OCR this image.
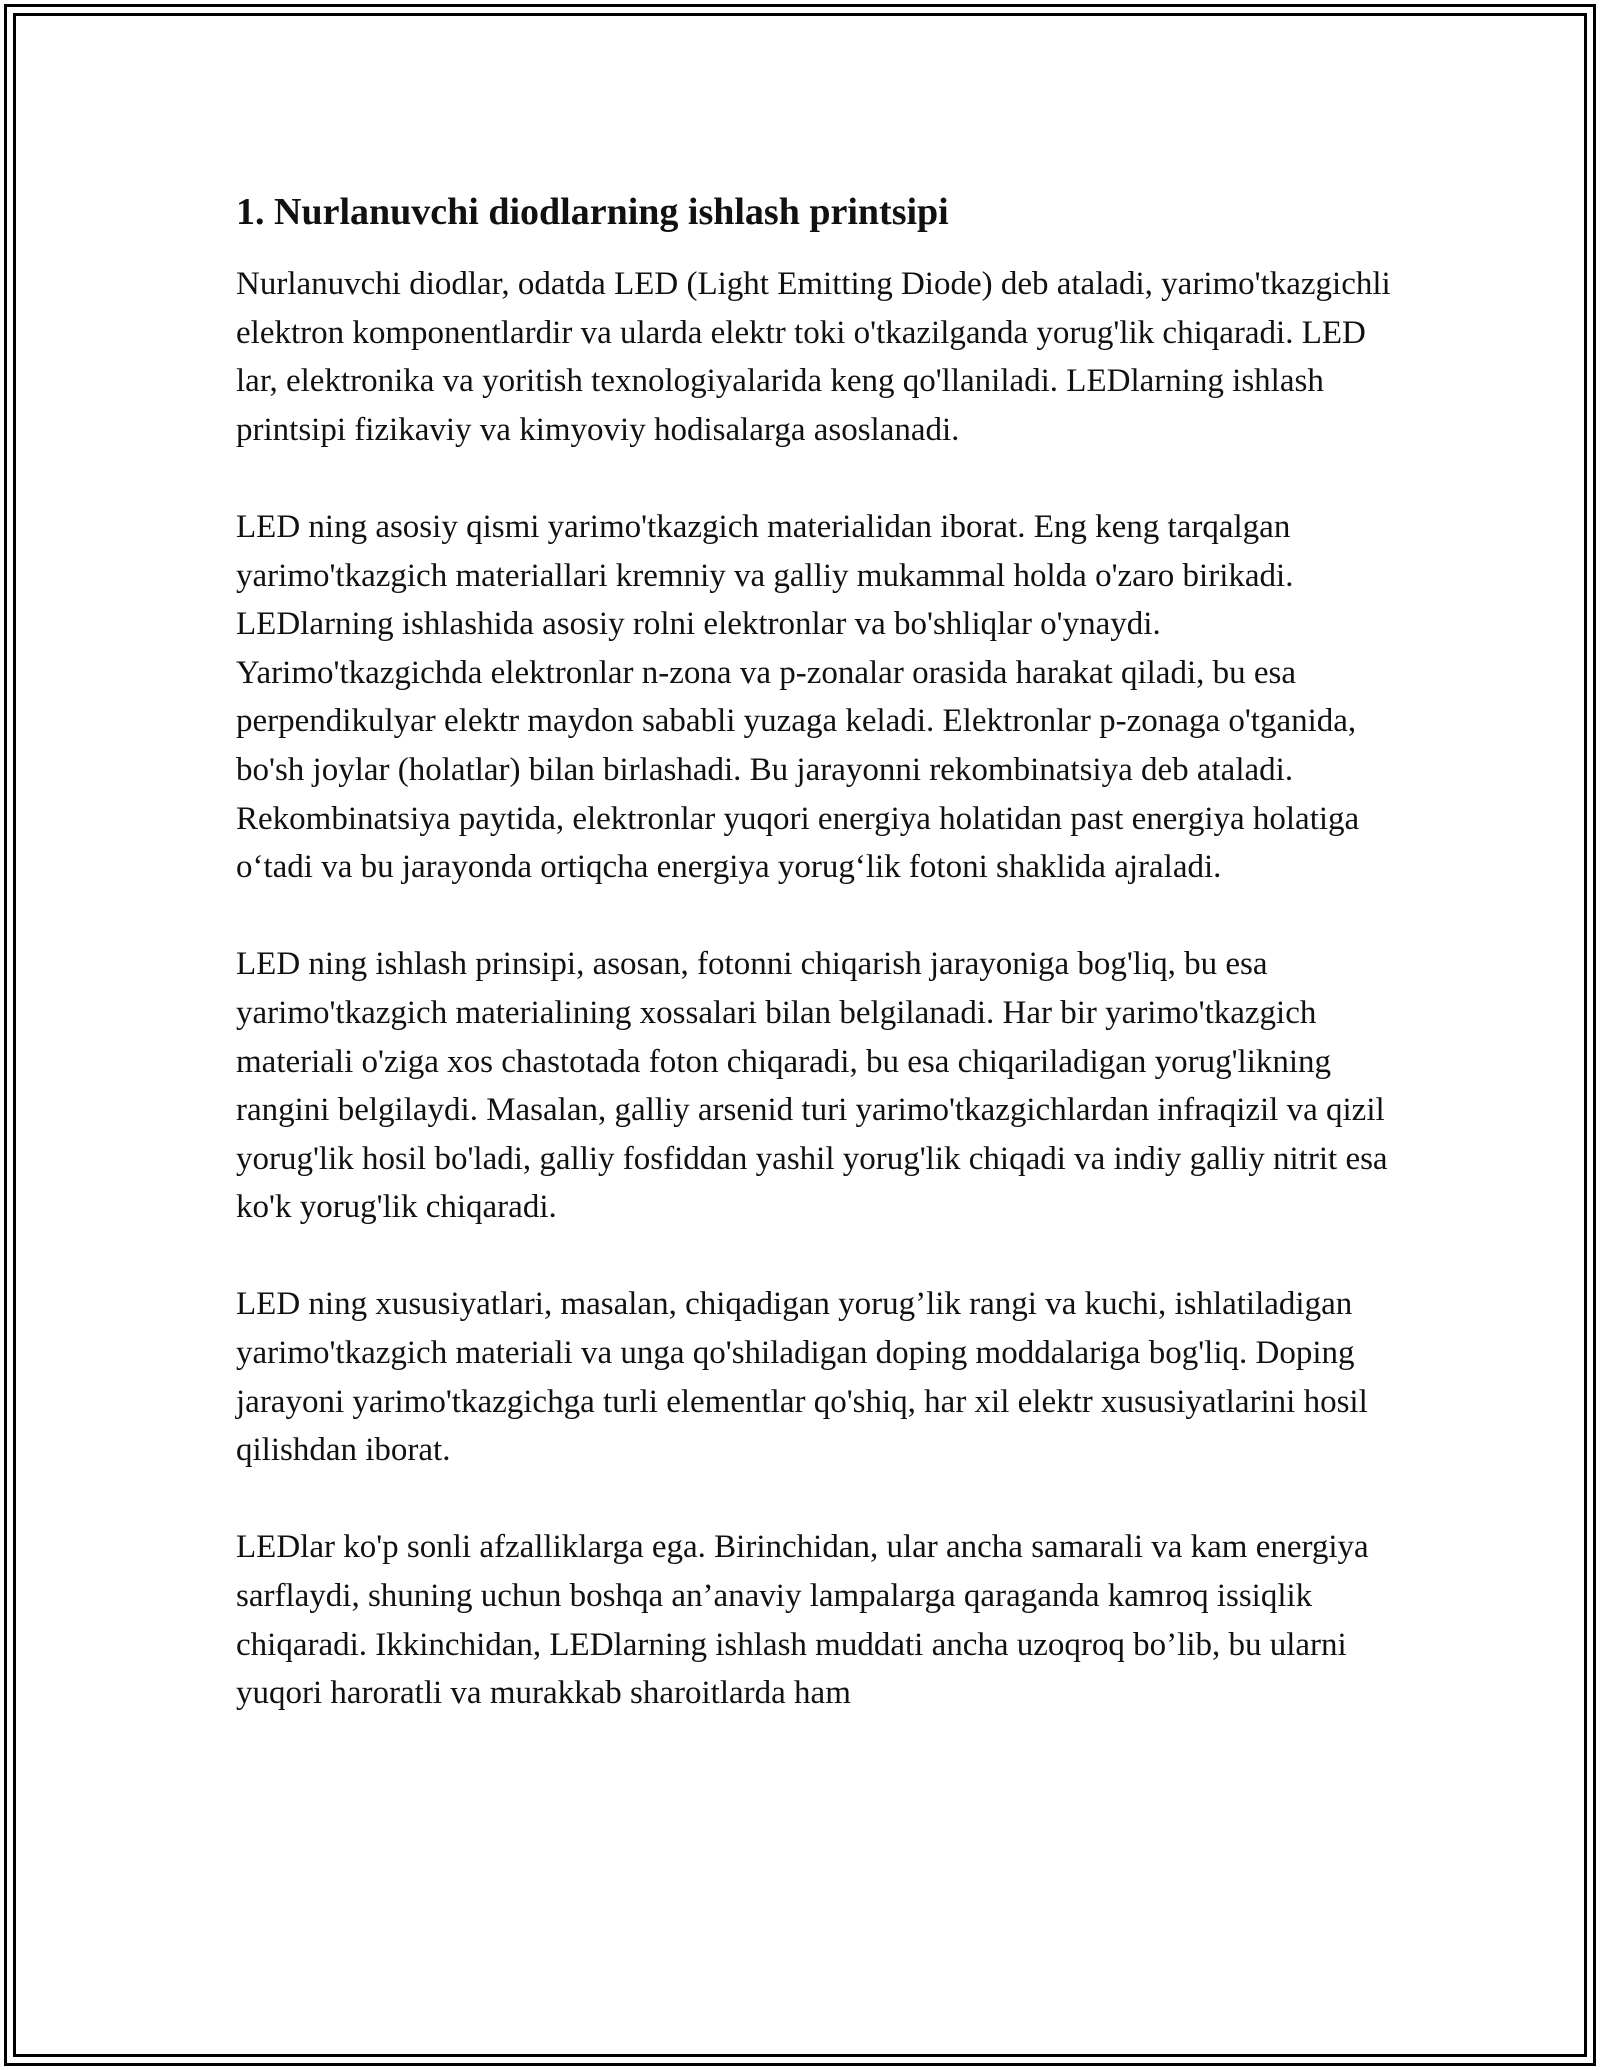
1. Nurlanuvchi diodlarning ishlash printsipi

Nurlanuvchi diodlar, odatda LED (Light Emitting Diode) deb ataladi, yarimo'tkazgichli elektron komponentlardir va ularda elektr toki o'tkazilganda yorug'lik chiqaradi. LED lar, elektronika va yoritish texnologiyalarida keng qo'llaniladi. LEDlarning ishlash printsipi fizikaviy va kimyoviy hodisalarga asoslanadi.

LED ning asosiy qismi yarimo'tkazgich materialidan iborat. Eng keng tarqalgan yarimo'tkazgich materiallari kremniy va galliy mukammal holda o'zaro birikadi. LEDlarning ishlashida asosiy rolni elektronlar va bo'shliqlar o'ynaydi. Yarimo'tkazgichda elektronlar n-zona va p-zonalar orasida harakat qiladi, bu esa perpendikulyar elektr maydon sababli yuzaga keladi. Elektronlar p-zonaga o'tganida, bo'sh joylar (holatlar) bilan birlashadi. Bu jarayonni rekombinatsiya deb ataladi. Rekombinatsiya paytida, elektronlar yuqori energiya holatidan past energiya holatiga o‘tadi va bu jarayonda ortiqcha energiya yorug‘lik fotoni shaklida ajraladi.

LED ning ishlash prinsipi, asosan, fotonni chiqarish jarayoniga bog'liq, bu esa yarimo'tkazgich materialining xossalari bilan belgilanadi. Har bir yarimo'tkazgich materiali o'ziga xos chastotada foton chiqaradi, bu esa chiqariladigan yorug'likning rangini belgilaydi. Masalan, galliy arsenid turi yarimo'tkazgichlardan infraqizil va qizil yorug'lik hosil bo'ladi, galliy fosfiddan yashil yorug'lik chiqadi va indiy galliy nitrit esa ko'k yorug'lik chiqaradi.

LED ning xususiyatlari, masalan, chiqadigan yorug’lik rangi va kuchi, ishlatiladigan yarimo'tkazgich materiali va unga qo'shiladigan doping moddalariga bog'liq. Doping jarayoni yarimo'tkazgichga turli elementlar qo'shiq, har xil elektr xususiyatlarini hosil qilishdan iborat.

LEDlar ko'p sonli afzalliklarga ega. Birinchidan, ular ancha samarali va kam energiya sarflaydi, shuning uchun boshqa an’anaviy lampalarga qaraganda kamroq issiqlik chiqaradi. Ikkinchidan, LEDlarning ishlash muddati ancha uzoqroq bo’lib, bu ularni yuqori haroratli va murakkab sharoitlarda ham
